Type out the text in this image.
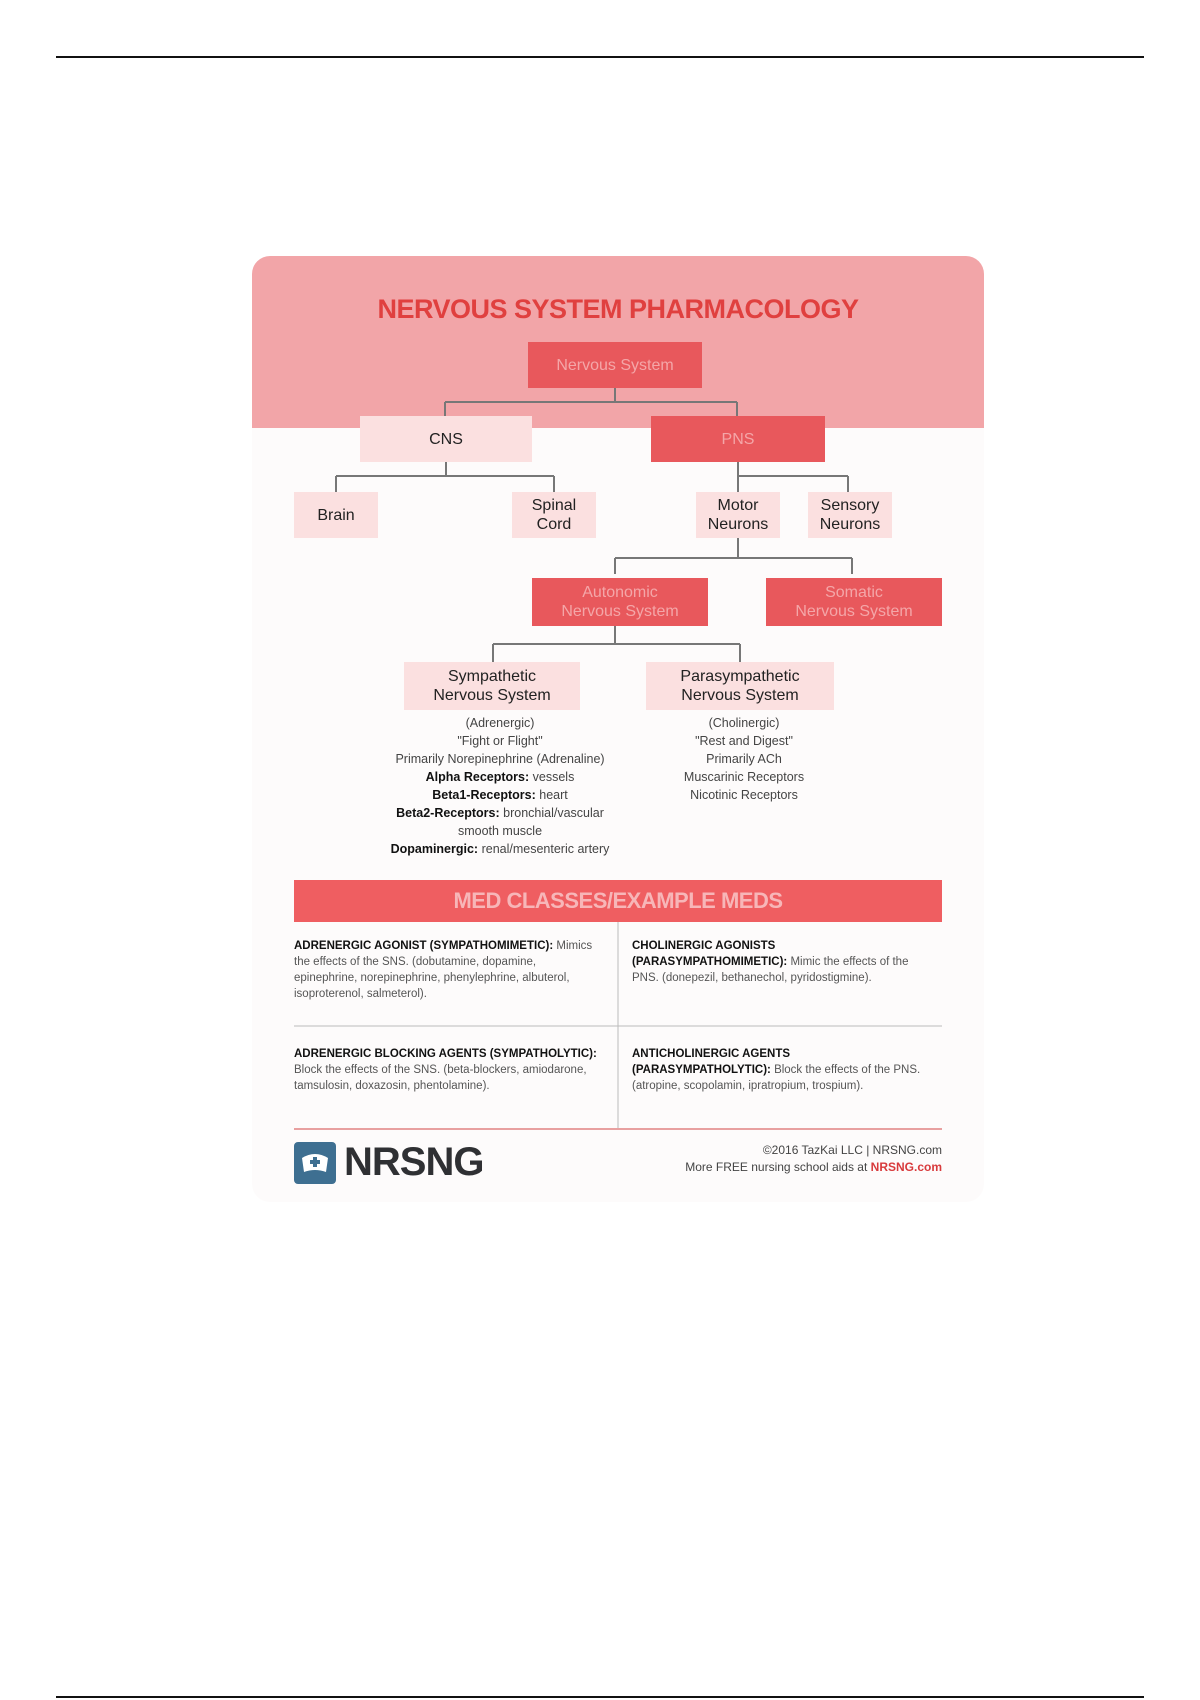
NERVOUS SYSTEM PHARMACOLOGY
Nervous System
CNS	PNS
Brain
Spinal
Cord
Motor
Neurons
Sensory
Neurons
Autonomic
Nervous System
Somatic
Nervous System
Sympathetic
Nervous System
Parasympathetic
Nervous System
(Adrenergic)
"Fight or Flight"
Primarily Norepinephrine (Adrenaline)
Alpha Receptors: vessels
Beta1-Receptors: heart
Beta2-Receptors: bronchial/vascular
smooth muscle
Dopaminergic: renal/mesenteric artery
(Cholinergic)
"Rest and Digest"
Primarily ACh
Muscarinic Receptors
Nicotinic Receptors
MED CLASSES/EXAMPLE MEDS
ADRENERGIC AGONIST (SYMPATHOMIMETIC): Mimics the effects of the SNS. (dobutamine, dopamine, epinephrine, norepinephrine, phenylephrine, albuterol, isoproterenol, salmeterol).
CHOLINERGIC AGONISTS (PARASYMPATHOMIMETIC): Mimic the effects of the PNS. (donepezil, bethanechol, pyridostigmine).
ADRENERGIC BLOCKING AGENTS (SYMPATHOLYTIC): Block the effects of the SNS. (beta-blockers, amiodarone, tamsulosin, doxazosin, phentolamine).
ANTICHOLINERGIC AGENTS (PARASYMPATHOLYTIC): Block the effects of the PNS. (atropine, scopolamin, ipratropium, trospium).
NRSNG	©2016 TazKai LLC | NRSNG.com
More FREE nursing school aids at NRSNG.com
